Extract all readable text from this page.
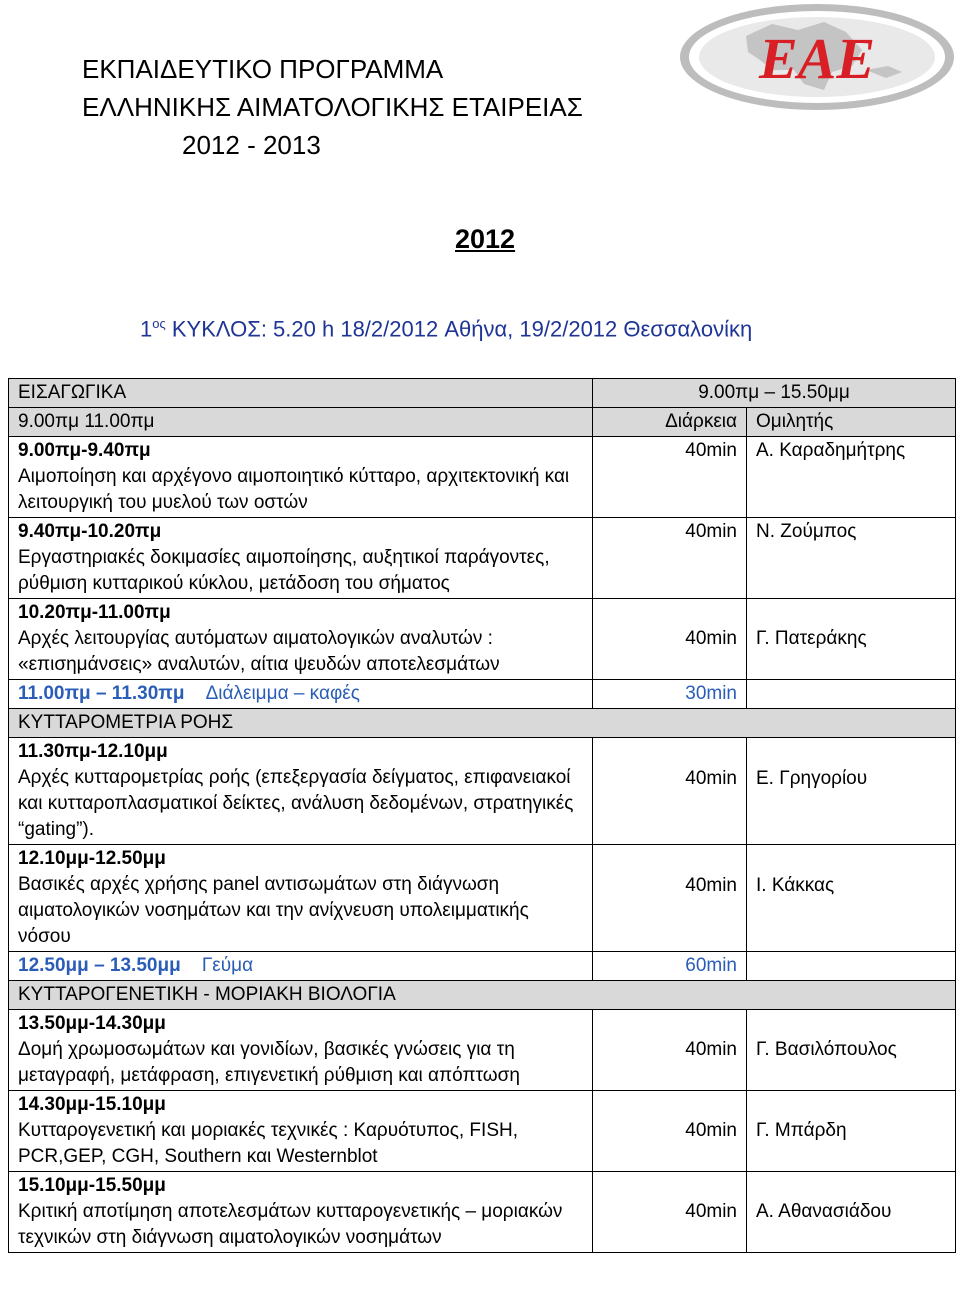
ΕΚΠΑΙΔΕΥΤΙΚΟ ΠΡΟΓΡΑΜΜΑ
ΕΛΛΗΝΙΚΗΣ ΑΙΜΑΤΟΛΟΓΙΚΗΣ ΕΤΑΙΡΕΙΑΣ
2012 - 2013
ΕΑΕ
2012
$1^{o\varsigma}$ ΚΥΚΛΟΣ: 5.20 h 18/2/2012 Αθήνα, 19/2/2012 Θεσσαλονίκη
ΕΙΣΑΓΩΓΙΚΑ	9.00πμ – 15.50μμ	
9.00πμ 11.00πμ	Διάρκεια	Ομιλητής

9.00πμ-9.40πμ
Αιμοποίηση και αρχέγονο αιμοποιητικό κύτταρο, αρχιτεκτονική και λειτουργική του μυελού των οστών	40min	Α. Καραδημήτρης

9.40πμ-10.20πμ
Εργαστηριακές δοκιμασίες αιμοποίησης, αυξητικοί παράγοντες, ρύθμιση κυτταρικού κύκλου, μετάδοση του σήματος	40min	Ν. Ζούμπος

10.20πμ-11.00πμ
Αρχές λειτουργίας αυτόματων αιματολογικών αναλυτών : «επισημάνσεις» αναλυτών, αίτια ψευδών αποτελεσμάτων	40min	Γ. Πατεράκης
11.00πμ – 11.30πμ Διάλειμμα – καφές	30min	
ΚΥΤΤΑΡΟΜΕΤΡΙΑ ΡΟΗΣ		

11.30πμ-12.10μμ
Αρχές κυτταρομετρίας ροής (επεξεργασία δείγματος, επιφανειακοί και κυτταροπλασματικοί δείκτες, ανάλυση δεδομένων, στρατηγικές “gating”).	40min	Ε. Γρηγορίου

12.10μμ-12.50μμ
Βασικές αρχές χρήσης panel αντισωμάτων στη διάγνωση αιματολογικών νοσημάτων και την ανίχνευση υπολειμματικής νόσου	40min	Ι. Κάκκας
12.50μμ – 13.50μμ Γεύμα	60min	
ΚΥΤΤΑΡΟΓΕΝΕΤΙΚΗ - ΜΟΡΙΑΚΗ ΒΙΟΛΟΓΙΑ		

13.50μμ-14.30μμ
Δομή χρωμοσωμάτων και γονιδίων, βασικές γνώσεις για τη μεταγραφή, μετάφραση, επιγενετική ρύθμιση και απόπτωση	40min	Γ. Βασιλόπουλος

14.30μμ-15.10μμ
Κυτταρογενετική και μοριακές τεχνικές : Καρυότυπος, FISH, PCR,GEP, CGH, Southern και Westernblot	40min	Γ. Μπάρδη

15.10μμ-15.50μμ
Κριτική αποτίμηση αποτελεσμάτων κυτταρογενετικής – μοριακών τεχνικών στη διάγνωση αιματολογικών νοσημάτων	40min	Α. Αθανασιάδου
